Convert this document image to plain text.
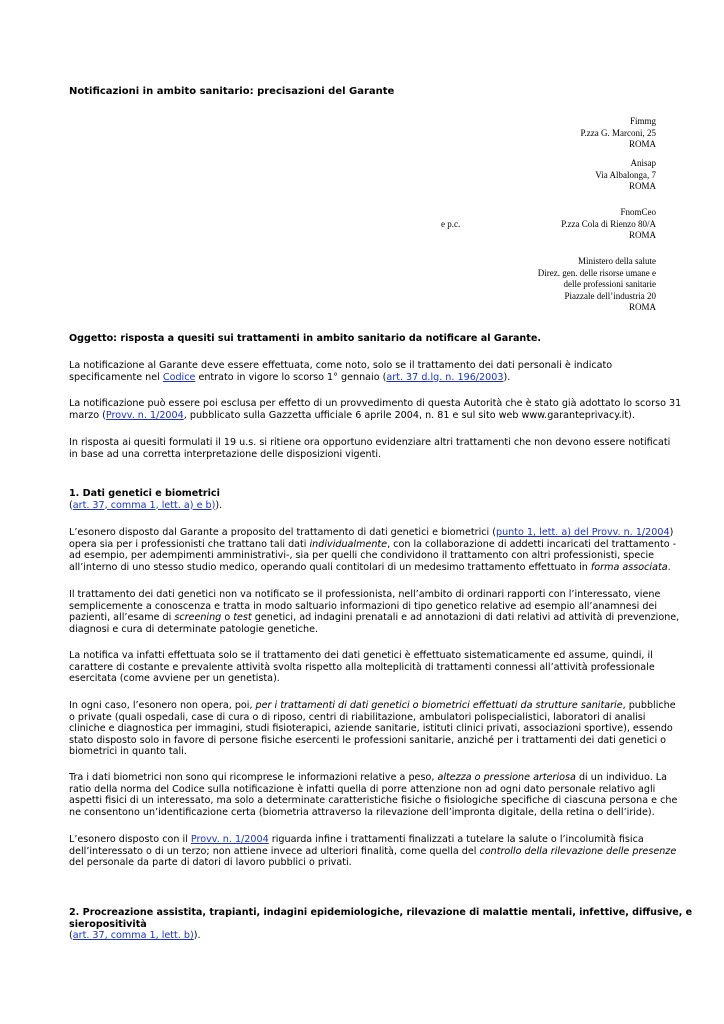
Notificazioni in ambito sanitario: precisazioni del Garante
Fimmg
P.zza G. Marconi, 25
ROMA
Anisap
Via Albalonga, 7
ROMA
e p.c.
FnomCeo
P.zza Cola di Rienzo 80/A
ROMA
Ministero della salute
Direz. gen. delle risorse umane e
delle professioni sanitarie
Piazzale dell’industria 20
ROMA
Oggetto: risposta a quesiti sui trattamenti in ambito sanitario da notificare al Garante.
La notificazione al Garante deve essere effettuata, come noto, solo se il trattamento dei dati personali è indicato
specificamente nel Codice entrato in vigore lo scorso 1° gennaio (art. 37 d.lg. n. 196/2003).
La notificazione può essere poi esclusa per effetto di un provvedimento di questa Autorità che è stato già adottato lo scorso 31
marzo (Provv. n. 1/2004, pubblicato sulla Gazzetta ufficiale 6 aprile 2004, n. 81 e sul sito web www.garanteprivacy.it).
In risposta ai quesiti formulati il 19 u.s. si ritiene ora opportuno evidenziare altri trattamenti che non devono essere notificati
in base ad una corretta interpretazione delle disposizioni vigenti.
1. Dati genetici e biometrici
(art. 37, comma 1, lett. a) e b)).
L’esonero disposto dal Garante a proposito del trattamento di dati genetici e biometrici (punto 1, lett. a) del Provv. n. 1/2004)
opera sia per i professionisti che trattano tali dati individualmente, con la collaborazione di addetti incaricati del trattamento -
ad esempio, per adempimenti amministrativi-, sia per quelli che condividono il trattamento con altri professionisti, specie
all’interno di uno stesso studio medico, operando quali contitolari di un medesimo trattamento effettuato in forma associata.
Il trattamento dei dati genetici non va notificato se il professionista, nell’ambito di ordinari rapporti con l’interessato, viene
semplicemente a conoscenza e tratta in modo saltuario informazioni di tipo genetico relative ad esempio all’anamnesi dei
pazienti, all’esame di screening o test genetici, ad indagini prenatali e ad annotazioni di dati relativi ad attività di prevenzione,
diagnosi e cura di determinate patologie genetiche.
La notifica va infatti effettuata solo se il trattamento dei dati genetici è effettuato sistematicamente ed assume, quindi, il
carattere di costante e prevalente attività svolta rispetto alla molteplicità di trattamenti connessi all’attività professionale
esercitata (come avviene per un genetista).
In ogni caso, l’esonero non opera, poi, per i trattamenti di dati genetici o biometrici effettuati da strutture sanitarie, pubbliche
o private (quali ospedali, case di cura o di riposo, centri di riabilitazione, ambulatori polispecialistici, laboratori di analisi
cliniche e diagnostica per immagini, studi fisioterapici, aziende sanitarie, istituti clinici privati, associazioni sportive), essendo
stato disposto solo in favore di persone fisiche esercenti le professioni sanitarie, anziché per i trattamenti dei dati genetici o
biometrici in quanto tali.
Tra i dati biometrici non sono qui ricomprese le informazioni relative a peso, altezza o pressione arteriosa di un individuo. La
ratio della norma del Codice sulla notificazione è infatti quella di porre attenzione non ad ogni dato personale relativo agli
aspetti fisici di un interessato, ma solo a determinate caratteristiche fisiche o fisiologiche specifiche di ciascuna persona e che
ne consentono un’identificazione certa (biometria attraverso la rilevazione dell’impronta digitale, della retina o dell’iride).
L’esonero disposto con il Provv. n. 1/2004 riguarda infine i trattamenti finalizzati a tutelare la salute o l’incolumità fisica
dell’interessato o di un terzo; non attiene invece ad ulteriori finalità, come quella del controllo della rilevazione delle presenze
del personale da parte di datori di lavoro pubblici o privati.
2. Procreazione assistita, trapianti, indagini epidemiologiche, rilevazione di malattie mentali, infettive, diffusive, e
sieropositività
(art. 37, comma 1, lett. b)).
